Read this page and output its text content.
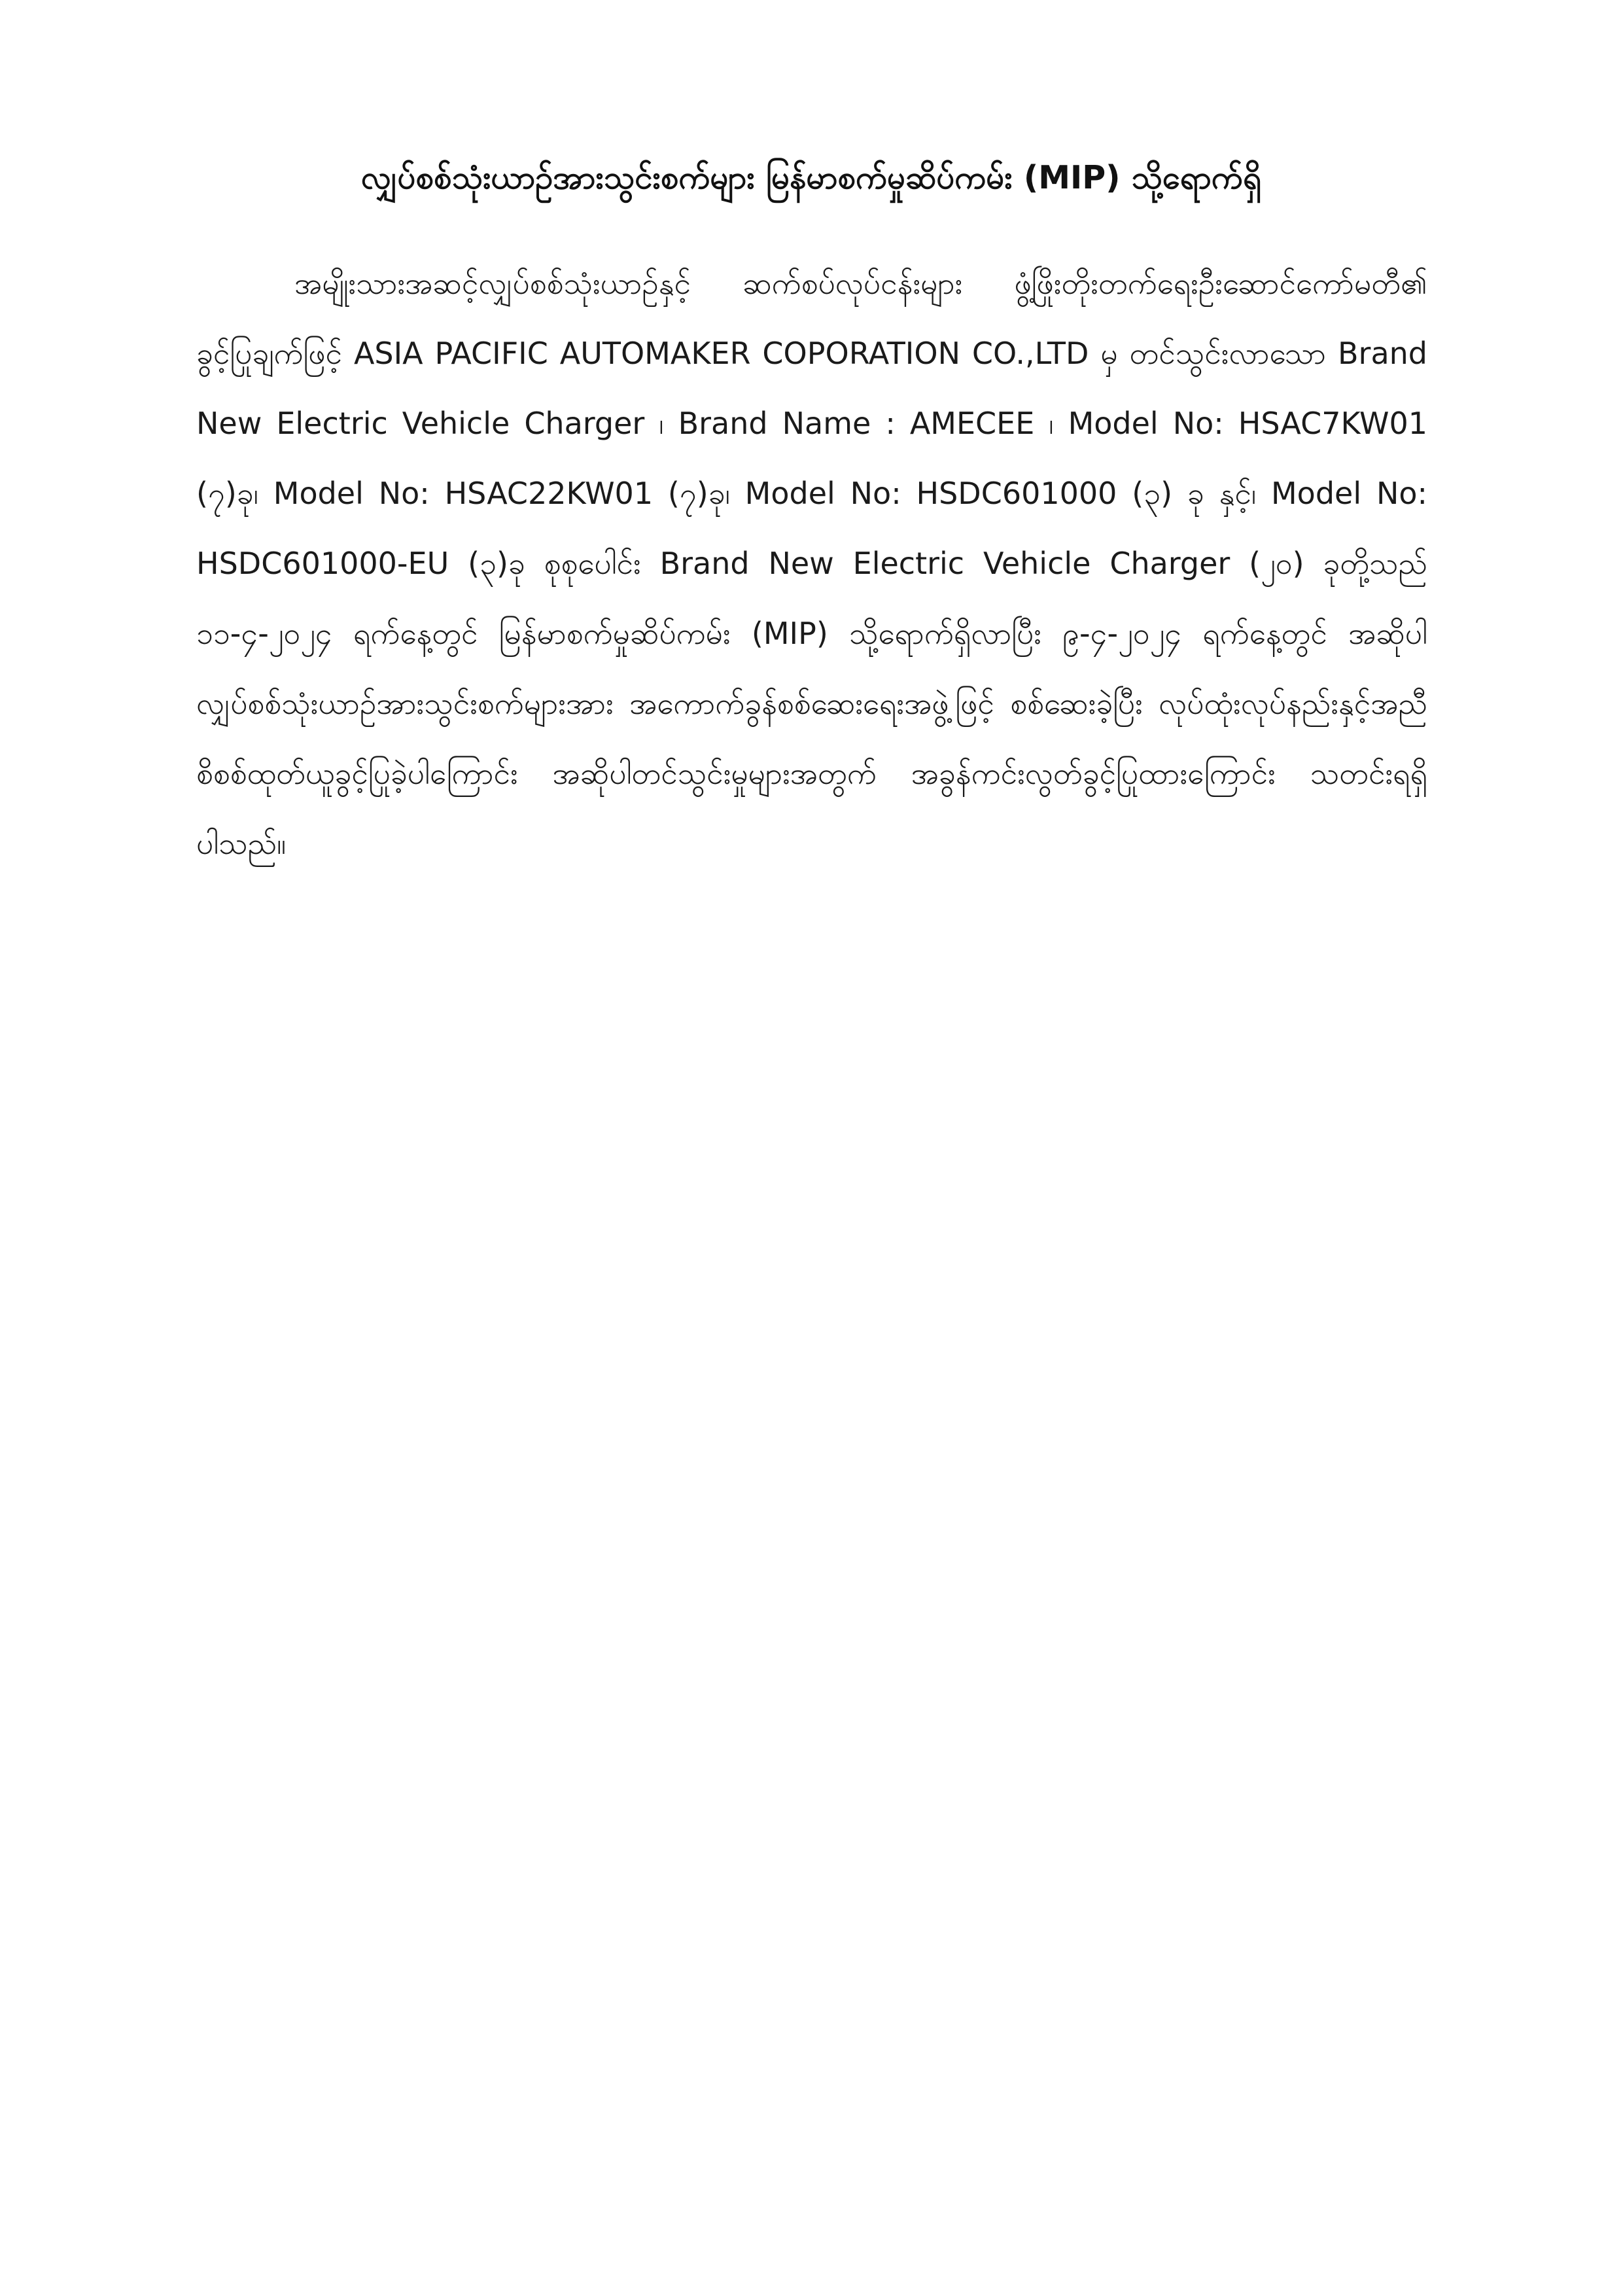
လျှပ်စစ်သုံးယာဉ်အားသွင်းစက်များ မြန်မာစက်မှုဆိပ်ကမ်း (MIP) သို့ရောက်ရှိ

အမျိုးသားအဆင့်လျှပ်စစ်သုံးယာဉ်နှင့် ဆက်စပ်လုပ်ငန်းများ ဖွံ့ဖြိုးတိုးတက်ရေးဦးဆောင်ကော်မတီ၏ ခွင့်ပြုချက်ဖြင့် ASIA PACIFIC AUTOMAKER COPORATION CO.,LTD မှ တင်သွင်းလာသော Brand New Electric Vehicle Charger ၊ Brand Name : AMECEE ၊ Model No: HSAC7KW01 (၇)ခု၊ Model No: HSAC22KW01 (၇)ခု၊ Model No: HSDC601000 (၃) ခု နှင့်၊ Model No: HSDC601000-EU (၃)ခု စုစုပေါင်း Brand New Electric Vehicle Charger (၂၀) ခုတို့သည် ၁၁-၄-၂၀၂၄ ရက်နေ့တွင် မြန်မာစက်မှုဆိပ်ကမ်း (MIP) သို့ရောက်ရှိလာပြီး ၉-၄-၂၀၂၄ ရက်နေ့တွင် အဆိုပါလျှပ်စစ်သုံးယာဉ်အားသွင်းစက်များအား အကောက်ခွန်စစ်ဆေးရေးအဖွဲ့ဖြင့် စစ်ဆေးခဲ့ပြီး လုပ်ထုံးလုပ်နည်းနှင့်အညီ စိစစ်ထုတ်ယူခွင့်ပြုခဲ့ပါကြောင်း အဆိုပါတင်သွင်းမှုများအတွက် အခွန်ကင်းလွတ်ခွင့်ပြုထားကြောင်း သတင်းရရှိပါသည်။
